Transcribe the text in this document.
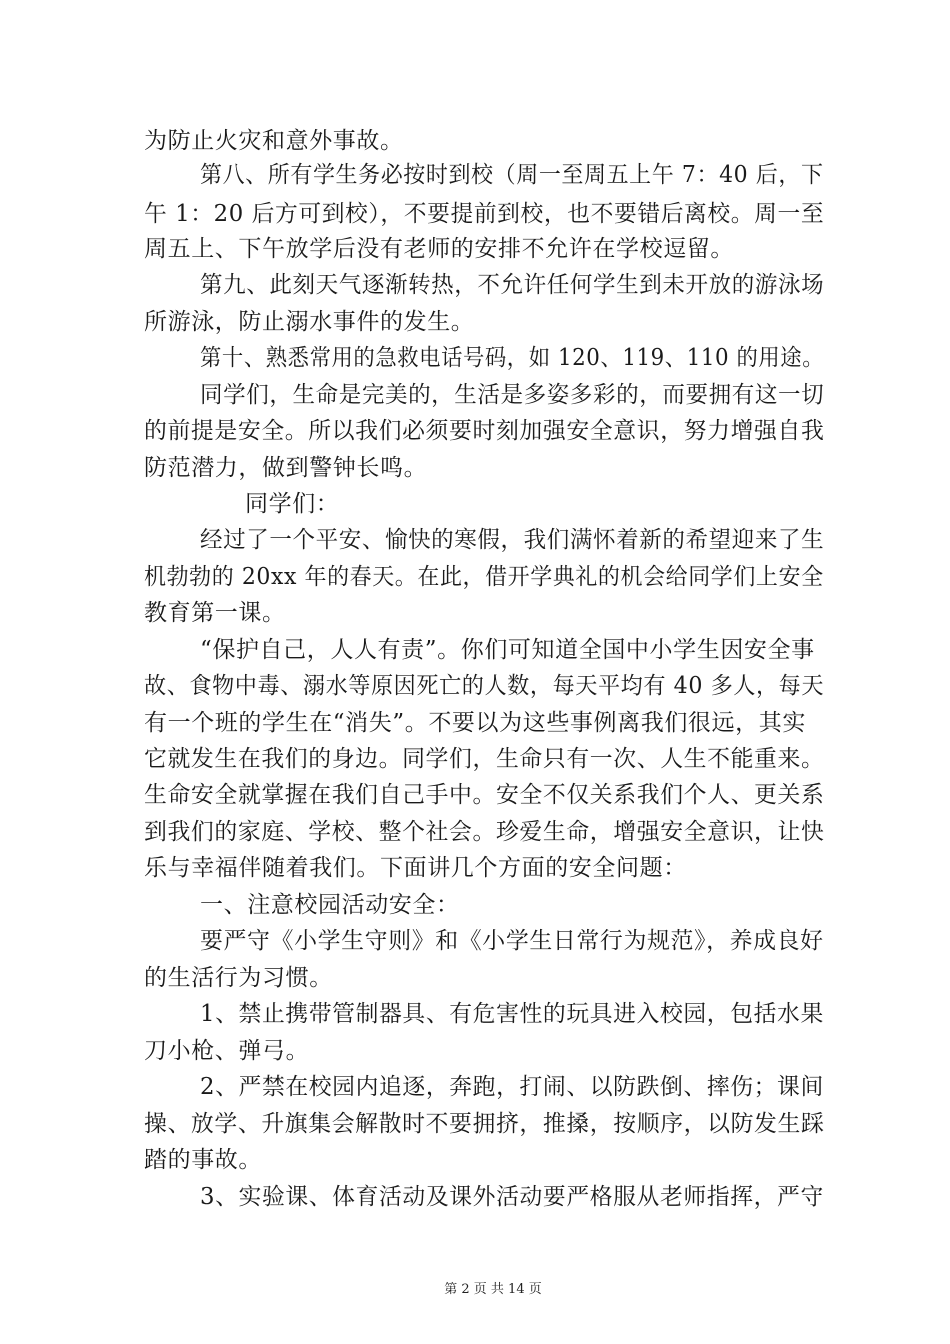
为防止火灾和意外事故。
第八、所有学生务必按时到校（周一至周五上午 7：40 后，下
午 1：20 后方可到校），不要提前到校，也不要错后离校。周一至
周五上、下午放学后没有老师的安排不允许在学校逗留。
第九、此刻天气逐渐转热，不允许任何学生到未开放的游泳场
所游泳，防止溺水事件的发生。
第十、熟悉常用的急救电话号码，如 120、119、110 的用途。
同学们，生命是完美的，生活是多姿多彩的，而要拥有这一切
的前提是安全。所以我们必须要时刻加强安全意识，努力增强自我
防范潜力，做到警钟长鸣。
同学们：
经过了一个平安、愉快的寒假，我们满怀着新的希望迎来了生
机勃勃的 20xx 年的春天。在此，借开学典礼的机会给同学们上安全
教育第一课。
“保护自己，人人有责”。你们可知道全国中小学生因安全事
故、食物中毒、溺水等原因死亡的人数，每天平均有 40 多人，每天
有一个班的学生在“消失”。不要以为这些事例离我们很远，其实
它就发生在我们的身边。同学们，生命只有一次、人生不能重来。
生命安全就掌握在我们自己手中。安全不仅关系我们个人、更关系
到我们的家庭、学校、整个社会。珍爱生命，增强安全意识，让快
乐与幸福伴随着我们。下面讲几个方面的安全问题：
一、注意校园活动安全：
要严守《小学生守则》和《小学生日常行为规范》，养成良好
的生活行为习惯。
1、禁止携带管制器具、有危害性的玩具进入校园，包括水果
刀小枪、弹弓。
2、严禁在校园内追逐，奔跑，打闹、以防跌倒、摔伤；课间
操、放学、升旗集会解散时不要拥挤，推搡，按顺序，以防发生踩
踏的事故。
3、实验课、体育活动及课外活动要严格服从老师指挥，严守
第 2 页 共 14 页
